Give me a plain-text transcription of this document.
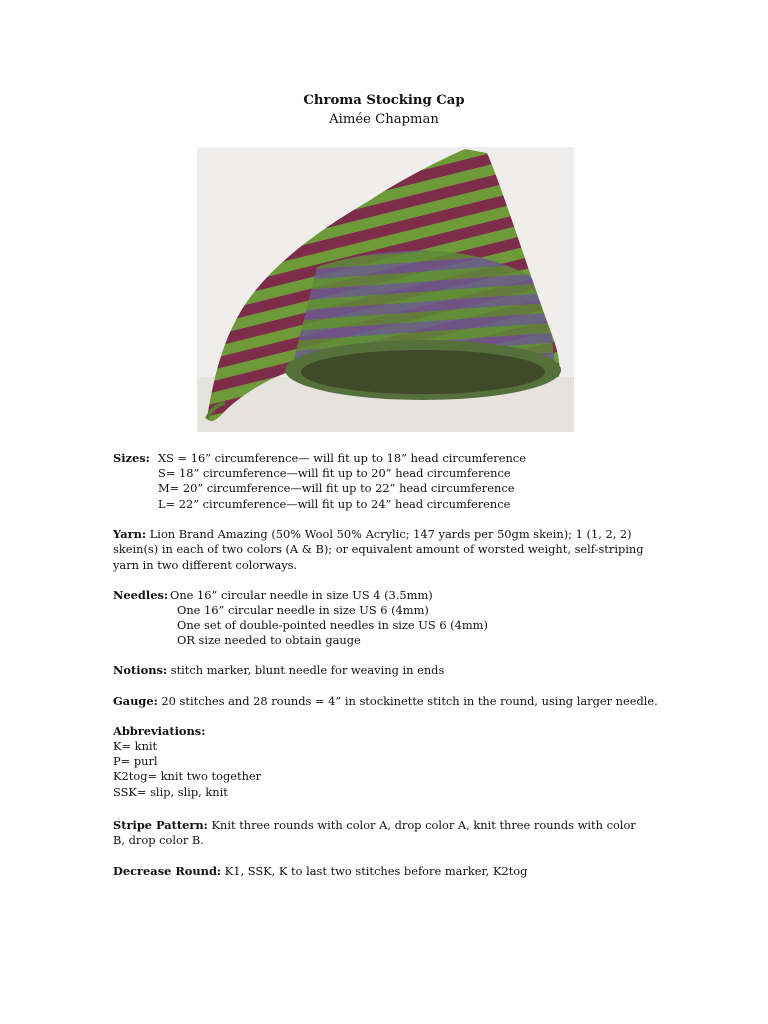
Chroma Stocking Cap
Aimée Chapman
Sizes: XS = 16” circumference— will fit up to 18” head circumference
S= 18” circumference—will fit up to 20” head circumference
M= 20” circumference—will fit up to 22” head circumference
L= 22” circumference—will fit up to 24” head circumference
Yarn: Lion Brand Amazing (50% Wool 50% Acrylic; 147 yards per 50gm skein); 1 (1, 2, 2) skein(s) in each of two colors (A & B); or equivalent amount of worsted weight, self-striping yarn in two different colorways.
Needles: One 16” circular needle in size US 4 (3.5mm)
One 16” circular needle in size US 6 (4mm)
One set of double-pointed needles in size US 6 (4mm)
OR size needed to obtain gauge
Notions: stitch marker, blunt needle for weaving in ends
Gauge: 20 stitches and 28 rounds = 4” in stockinette stitch in the round, using larger needle.
Abbreviations:
K= knit
P= purl
K2tog= knit two together
SSK= slip, slip, knit
Stripe Pattern: Knit three rounds with color A, drop color A, knit three rounds with color B, drop color B.
Decrease Round: K1, SSK, K to last two stitches before marker, K2tog
